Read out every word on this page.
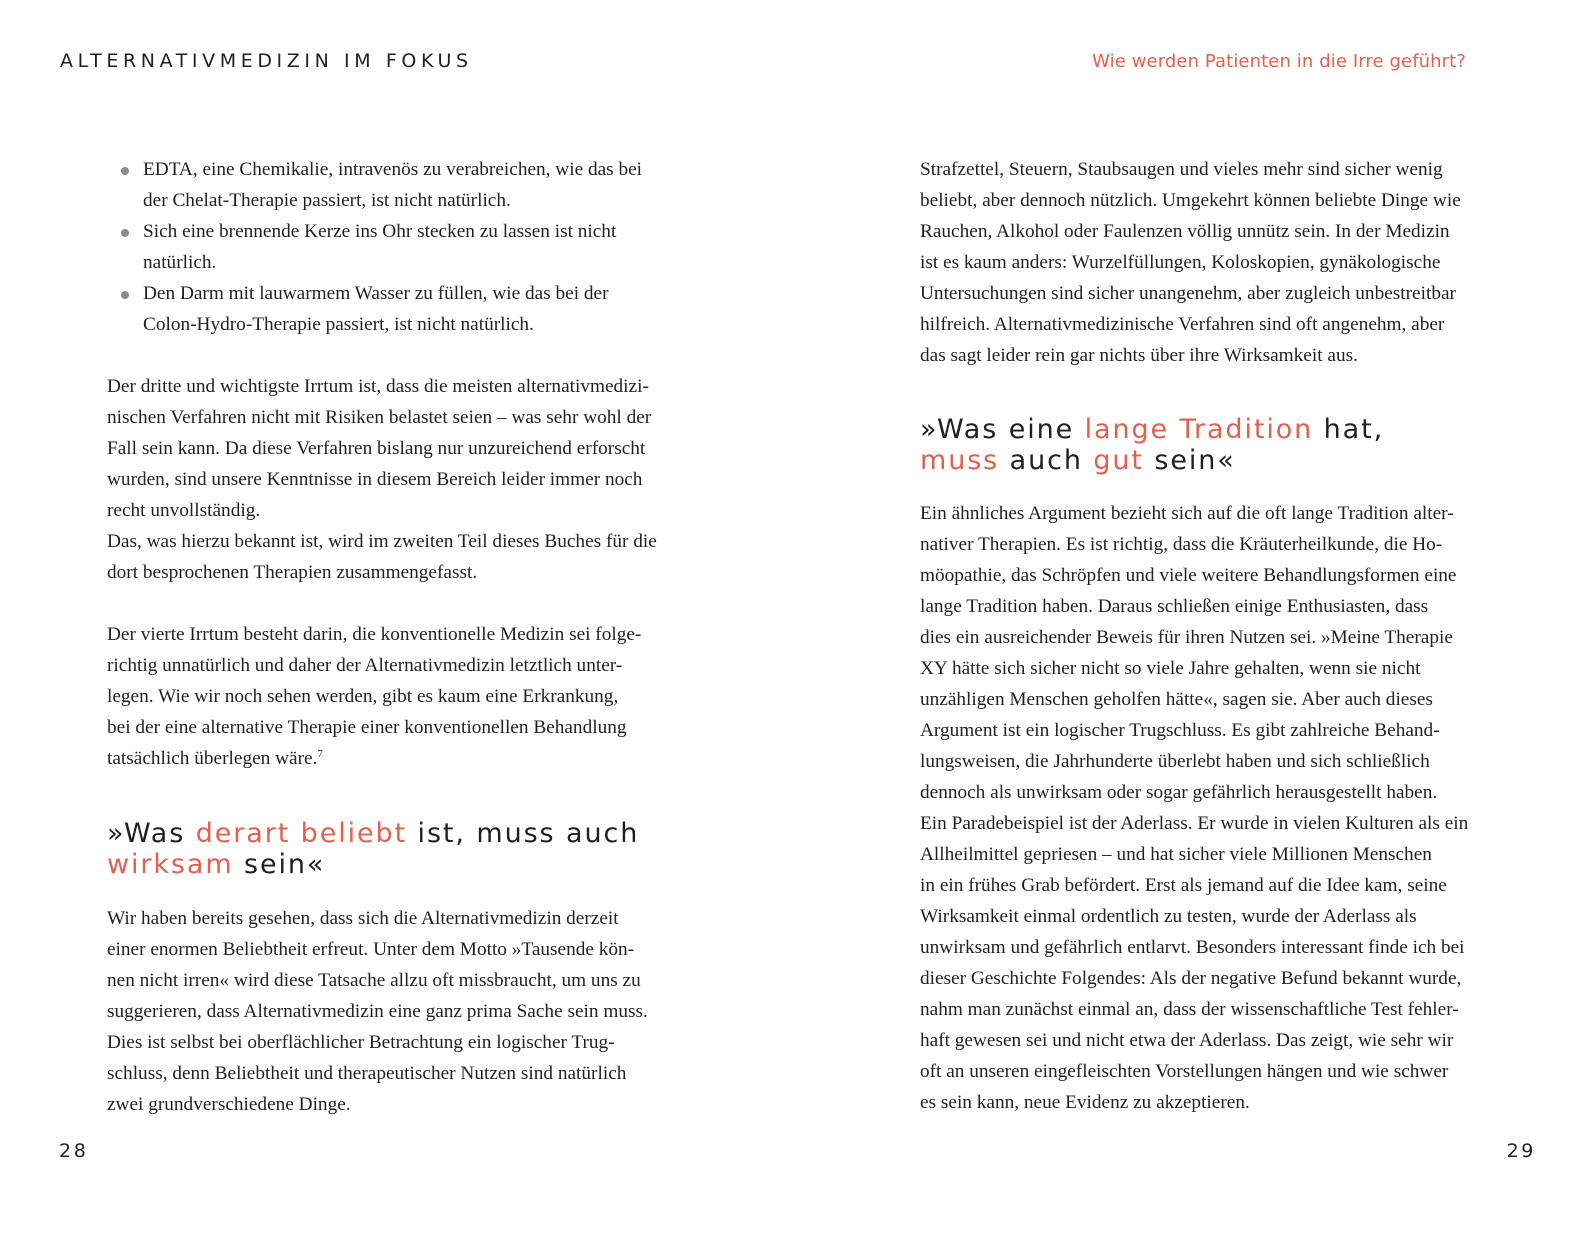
ALTERNATIVMEDIZIN IM FOKUS	Wie werden Patienten in die Irre geführt?

EDTA, eine Chemikalie, intravenös zu verabreichen, wie das bei

der Chelat-Therapie passiert, ist nicht natürlich.

Sich eine brennende Kerze ins Ohr stecken zu lassen ist nicht

natürlich.

Den Darm mit lauwarmem Wasser zu füllen, wie das bei der

Colon-Hydro-Therapie passiert, ist nicht natürlich.

Der dritte und wichtigste Irrtum ist, dass die meisten alternativmedizi-

nischen Verfahren nicht mit Risiken belastet seien – was sehr wohl der

Fall sein kann. Da diese Verfahren bislang nur unzureichend erforscht

wurden, sind unsere Kenntnisse in diesem Bereich leider immer noch

recht unvollständig.

Das, was hierzu bekannt ist, wird im zweiten Teil dieses Buches für die

dort besprochenen Therapien zusammengefasst.

Der vierte Irrtum besteht darin, die konventionelle Medizin sei folge-

richtig unnatürlich und daher der Alternativmedizin letztlich unter-

legen. Wie wir noch sehen werden, gibt es kaum eine Erkrankung,

bei der eine alternative Therapie einer konventionellen Behandlung

tatsächlich überlegen wäre.$^7$

»Was derart beliebt ist, muss auch
wirksam sein«

Wir haben bereits gesehen, dass sich die Alternativmedizin derzeit

einer enormen Beliebtheit erfreut. Unter dem Motto »Tausende kön-

nen nicht irren« wird diese Tatsache allzu oft missbraucht, um uns zu

suggerieren, dass Alternativmedizin eine ganz prima Sache sein muss.

Dies ist selbst bei oberflächlicher Betrachtung ein logischer Trug-

schluss, denn Beliebtheit und therapeutischer Nutzen sind natürlich

zwei grundverschiedene Dinge.

Strafzettel, Steuern, Staubsaugen und vieles mehr sind sicher wenig

beliebt, aber dennoch nützlich. Umgekehrt können beliebte Dinge wie

Rauchen, Alkohol oder Faulenzen völlig unnütz sein. In der Medizin

ist es kaum anders: Wurzelfüllungen, Koloskopien, gynäkologische

Untersuchungen sind sicher unangenehm, aber zugleich unbestreitbar

hilfreich. Alternativmedizinische Verfahren sind oft angenehm, aber

das sagt leider rein gar nichts über ihre Wirksamkeit aus.

»Was eine lange Tradition hat,
muss auch gut sein«

Ein ähnliches Argument bezieht sich auf die oft lange Tradition alter-

nativer Therapien. Es ist richtig, dass die Kräuterheilkunde, die Ho-

möopathie, das Schröpfen und viele weitere Behandlungsformen eine

lange Tradition haben. Daraus schließen einige Enthusiasten, dass

dies ein ausreichender Beweis für ihren Nutzen sei. »Meine Therapie

XY hätte sich sicher nicht so viele Jahre gehalten, wenn sie nicht

unzähligen Menschen geholfen hätte«, sagen sie. Aber auch dieses

Argument ist ein logischer Trugschluss. Es gibt zahlreiche Behand-

lungsweisen, die Jahrhunderte überlebt haben und sich schließlich

dennoch als unwirksam oder sogar gefährlich herausgestellt haben.

Ein Paradebeispiel ist der Aderlass. Er wurde in vielen Kulturen als ein

Allheilmittel gepriesen – und hat sicher viele Millionen Menschen

in ein frühes Grab befördert. Erst als jemand auf die Idee kam, seine

Wirksamkeit einmal ordentlich zu testen, wurde der Aderlass als

unwirksam und gefährlich entlarvt. Besonders interessant finde ich bei

dieser Geschichte Folgendes: Als der negative Befund bekannt wurde,

nahm man zunächst einmal an, dass der wissenschaftliche Test fehler-

haft gewesen sei und nicht etwa der Aderlass. Das zeigt, wie sehr wir

oft an unseren eingefleischten Vorstellungen hängen und wie schwer

es sein kann, neue Evidenz zu akzeptieren.

28	29
